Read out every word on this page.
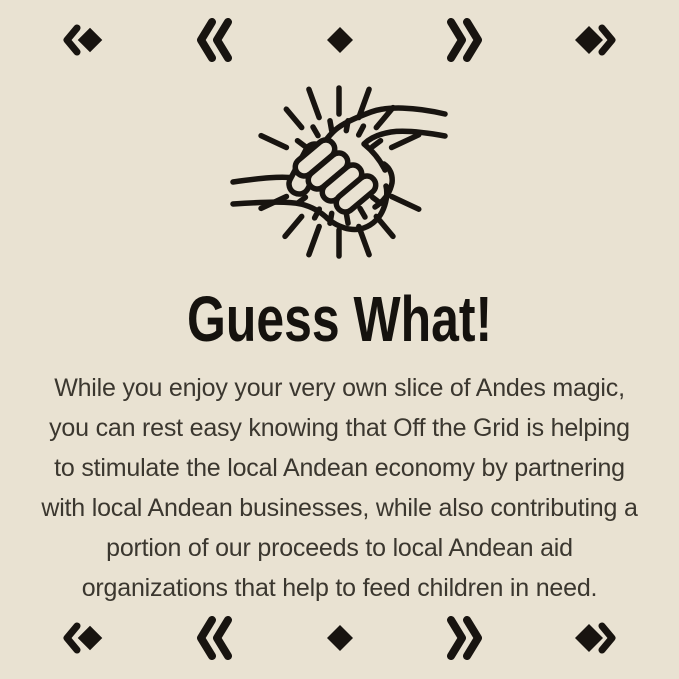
Guess What!
While you enjoy your very own slice of Andes magic,
you can rest easy knowing that Off the Grid is helping
to stimulate the local Andean economy by partnering
with local Andean businesses, while also contributing a
portion of our proceeds to local Andean aid
organizations that help to feed children in need.
